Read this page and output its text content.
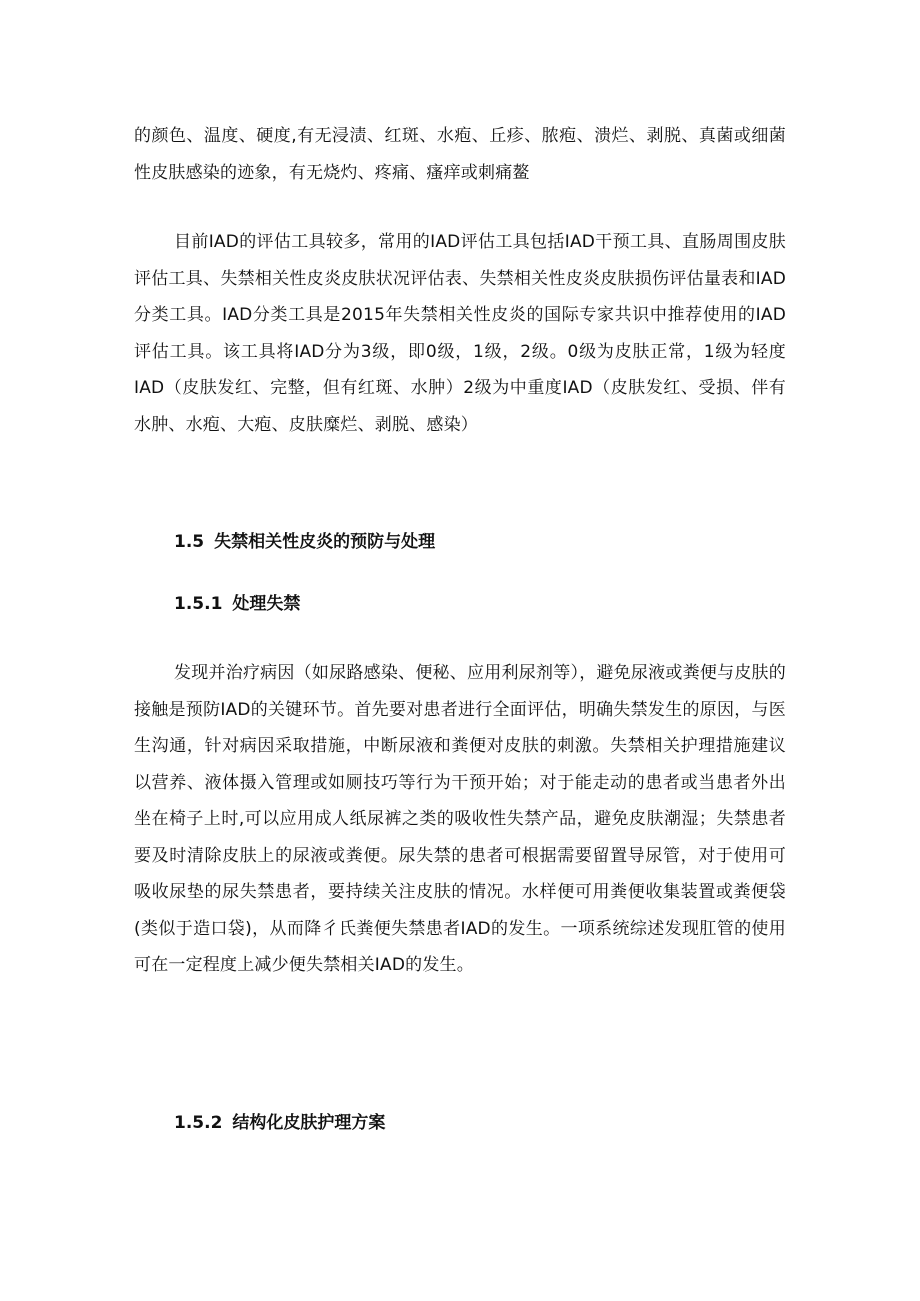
的颜色、温度、硬度,有无浸渍、红斑、水疱、丘疹、脓疱、溃烂、剥脱、真菌或细菌性皮肤感染的迹象，有无烧灼、疼痛、瘙痒或刺痛鳌

目前IAD的评估工具较多，常用的IAD评估工具包括IAD干预工具、直肠周围皮肤评估工具、失禁相关性皮炎皮肤状况评估表、失禁相关性皮炎皮肤损伤评估量表和IAD分类工具。IAD分类工具是2015年失禁相关性皮炎的国际专家共识中推荐使用的IAD评估工具。该工具将IAD分为3级，即0级，1级，2级。0级为皮肤正常，1级为轻度IAD（皮肤发红、完整，但有红斑、水肿）2级为中重度IAD（皮肤发红、受损、伴有水肿、水疱、大疱、皮肤糜烂、剥脱、感染）

1.5 失禁相关性皮炎的预防与处理
1.5.1 处理失禁

发现并治疗病因（如尿路感染、便秘、应用利尿剂等），避免尿液或粪便与皮肤的接触是预防IAD的关键环节。首先要对患者进行全面评估，明确失禁发生的原因，与医生沟通，针对病因采取措施，中断尿液和粪便对皮肤的刺激。失禁相关护理措施建议以营养、液体摄入管理或如厕技巧等行为干预开始；对于能走动的患者或当患者外出坐在椅子上时,可以应用成人纸尿裤之类的吸收性失禁产品，避免皮肤潮湿；失禁患者要及时清除皮肤上的尿液或粪便。尿失禁的患者可根据需要留置导尿管，对于使用可吸收尿垫的尿失禁患者，要持续关注皮肤的情况。水样便可用粪便收集装置或粪便袋(类似于造口袋)，从而降彳氏粪便失禁患者IAD的发生。一项系统综述发现肛管的使用可在一定程度上减少便失禁相关IAD的发生。

1.5.2 结构化皮肤护理方案
